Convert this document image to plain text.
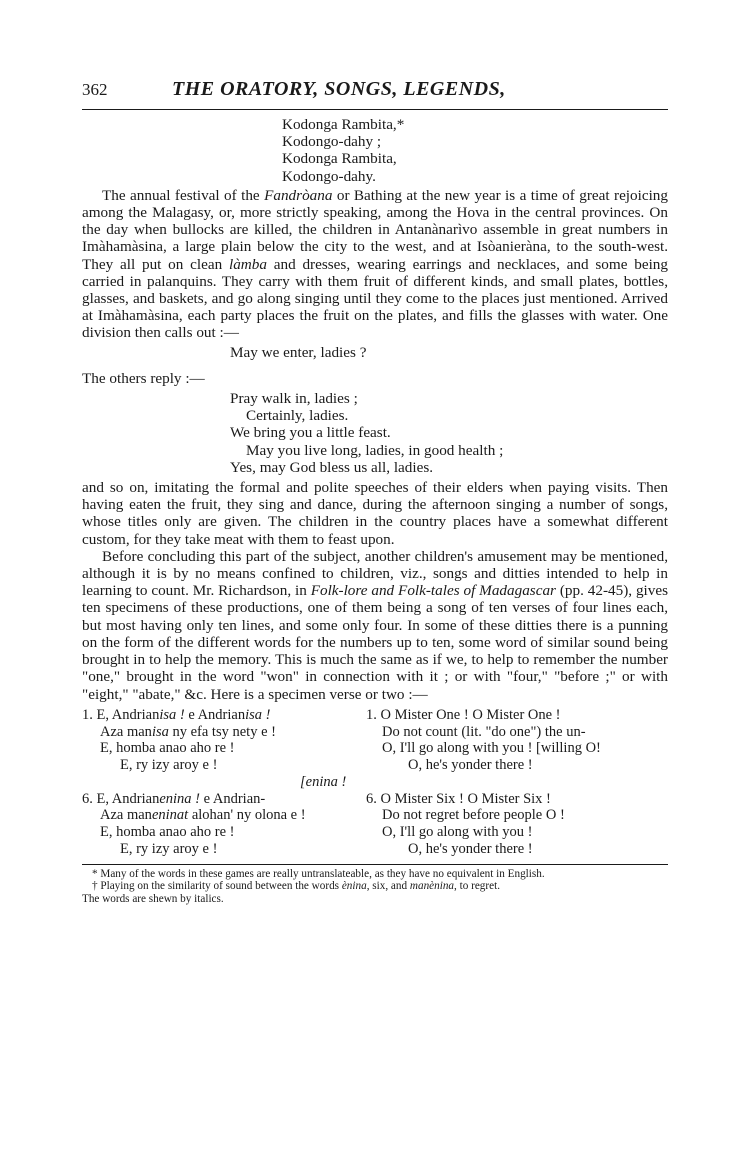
362	THE ORATORY, SONGS, LEGENDS,
Kodonga Rambita,*
Kodongo-dahy ;
Kodonga Rambita,
Kodongo-dahy.

The annual festival of the Fandròana or Bathing at the new year is a time of great rejoicing among the Malagasy, or, more strictly speaking, among the Hova in the central provinces. On the day when bullocks are killed, the children in Antanànarìvo assemble in great numbers in Imàhamàsina, a large plain below the city to the west, and at Isòanieràna, to the south-west. They all put on clean làmba and dresses, wearing earrings and necklaces, and some being carried in palanquins. They carry with them fruit of different kinds, and small plates, bottles, glasses, and baskets, and go along singing until they come to the places just mentioned. Arrived at Imàhamàsina, each party places the fruit on the plates, and fills the glasses with water. One division then calls out :—

May we enter, ladies ?

The others reply :—

Pray walk in, ladies ;
Certainly, ladies.
We bring you a little feast.
May you live long, ladies, in good health ;
Yes, may God bless us all, ladies.

and so on, imitating the formal and polite speeches of their elders when paying visits. Then having eaten the fruit, they sing and dance, during the afternoon singing a number of songs, whose titles only are given. The children in the country places have a somewhat different custom, for they take meat with them to feast upon.

Before concluding this part of the subject, another children's amusement may be mentioned, although it is by no means confined to children, viz., songs and ditties intended to help in learning to count. Mr. Richardson, in Folk-lore and Folk-tales of Madagascar (pp. 42-45), gives ten specimens of these productions, one of them being a song of ten verses of four lines each, but most having only ten lines, and some only four. In some of these ditties there is a punning on the form of the different words for the numbers up to ten, some word of similar sound being brought in to help the memory. This is much the same as if we, to help to remember the number "one," brought in the word "won" in connection with it ; or with "four," "before ;" or with "eight," "abate," &c. Here is a specimen verse or two :—

1. E, Andrianisa ! e Andrianisa !
Aza manisa ny efa tsy nety e !
E, homba anao aho re !
E, ry izy aroy e !
[enina !
1. O Mister One ! O Mister One !
Do not count (lit. "do one") the un-
O, I'll go along with you ! [willing O!
O, he's yonder there !
6. E, Andrianenina ! e Andrian-
Aza maneninat alohan' ny olona e !
E, homba anao aho re !
E, ry izy aroy e !
6. O Mister Six ! O Mister Six !
Do not regret before people O !
O, I'll go along with you !
O, he's yonder there !

* Many of the words in these games are really untranslateable, as they have no equivalent in English.

† Playing on the similarity of sound between the words ènina, six, and manènina, to regret.

The words are shewn by italics.
